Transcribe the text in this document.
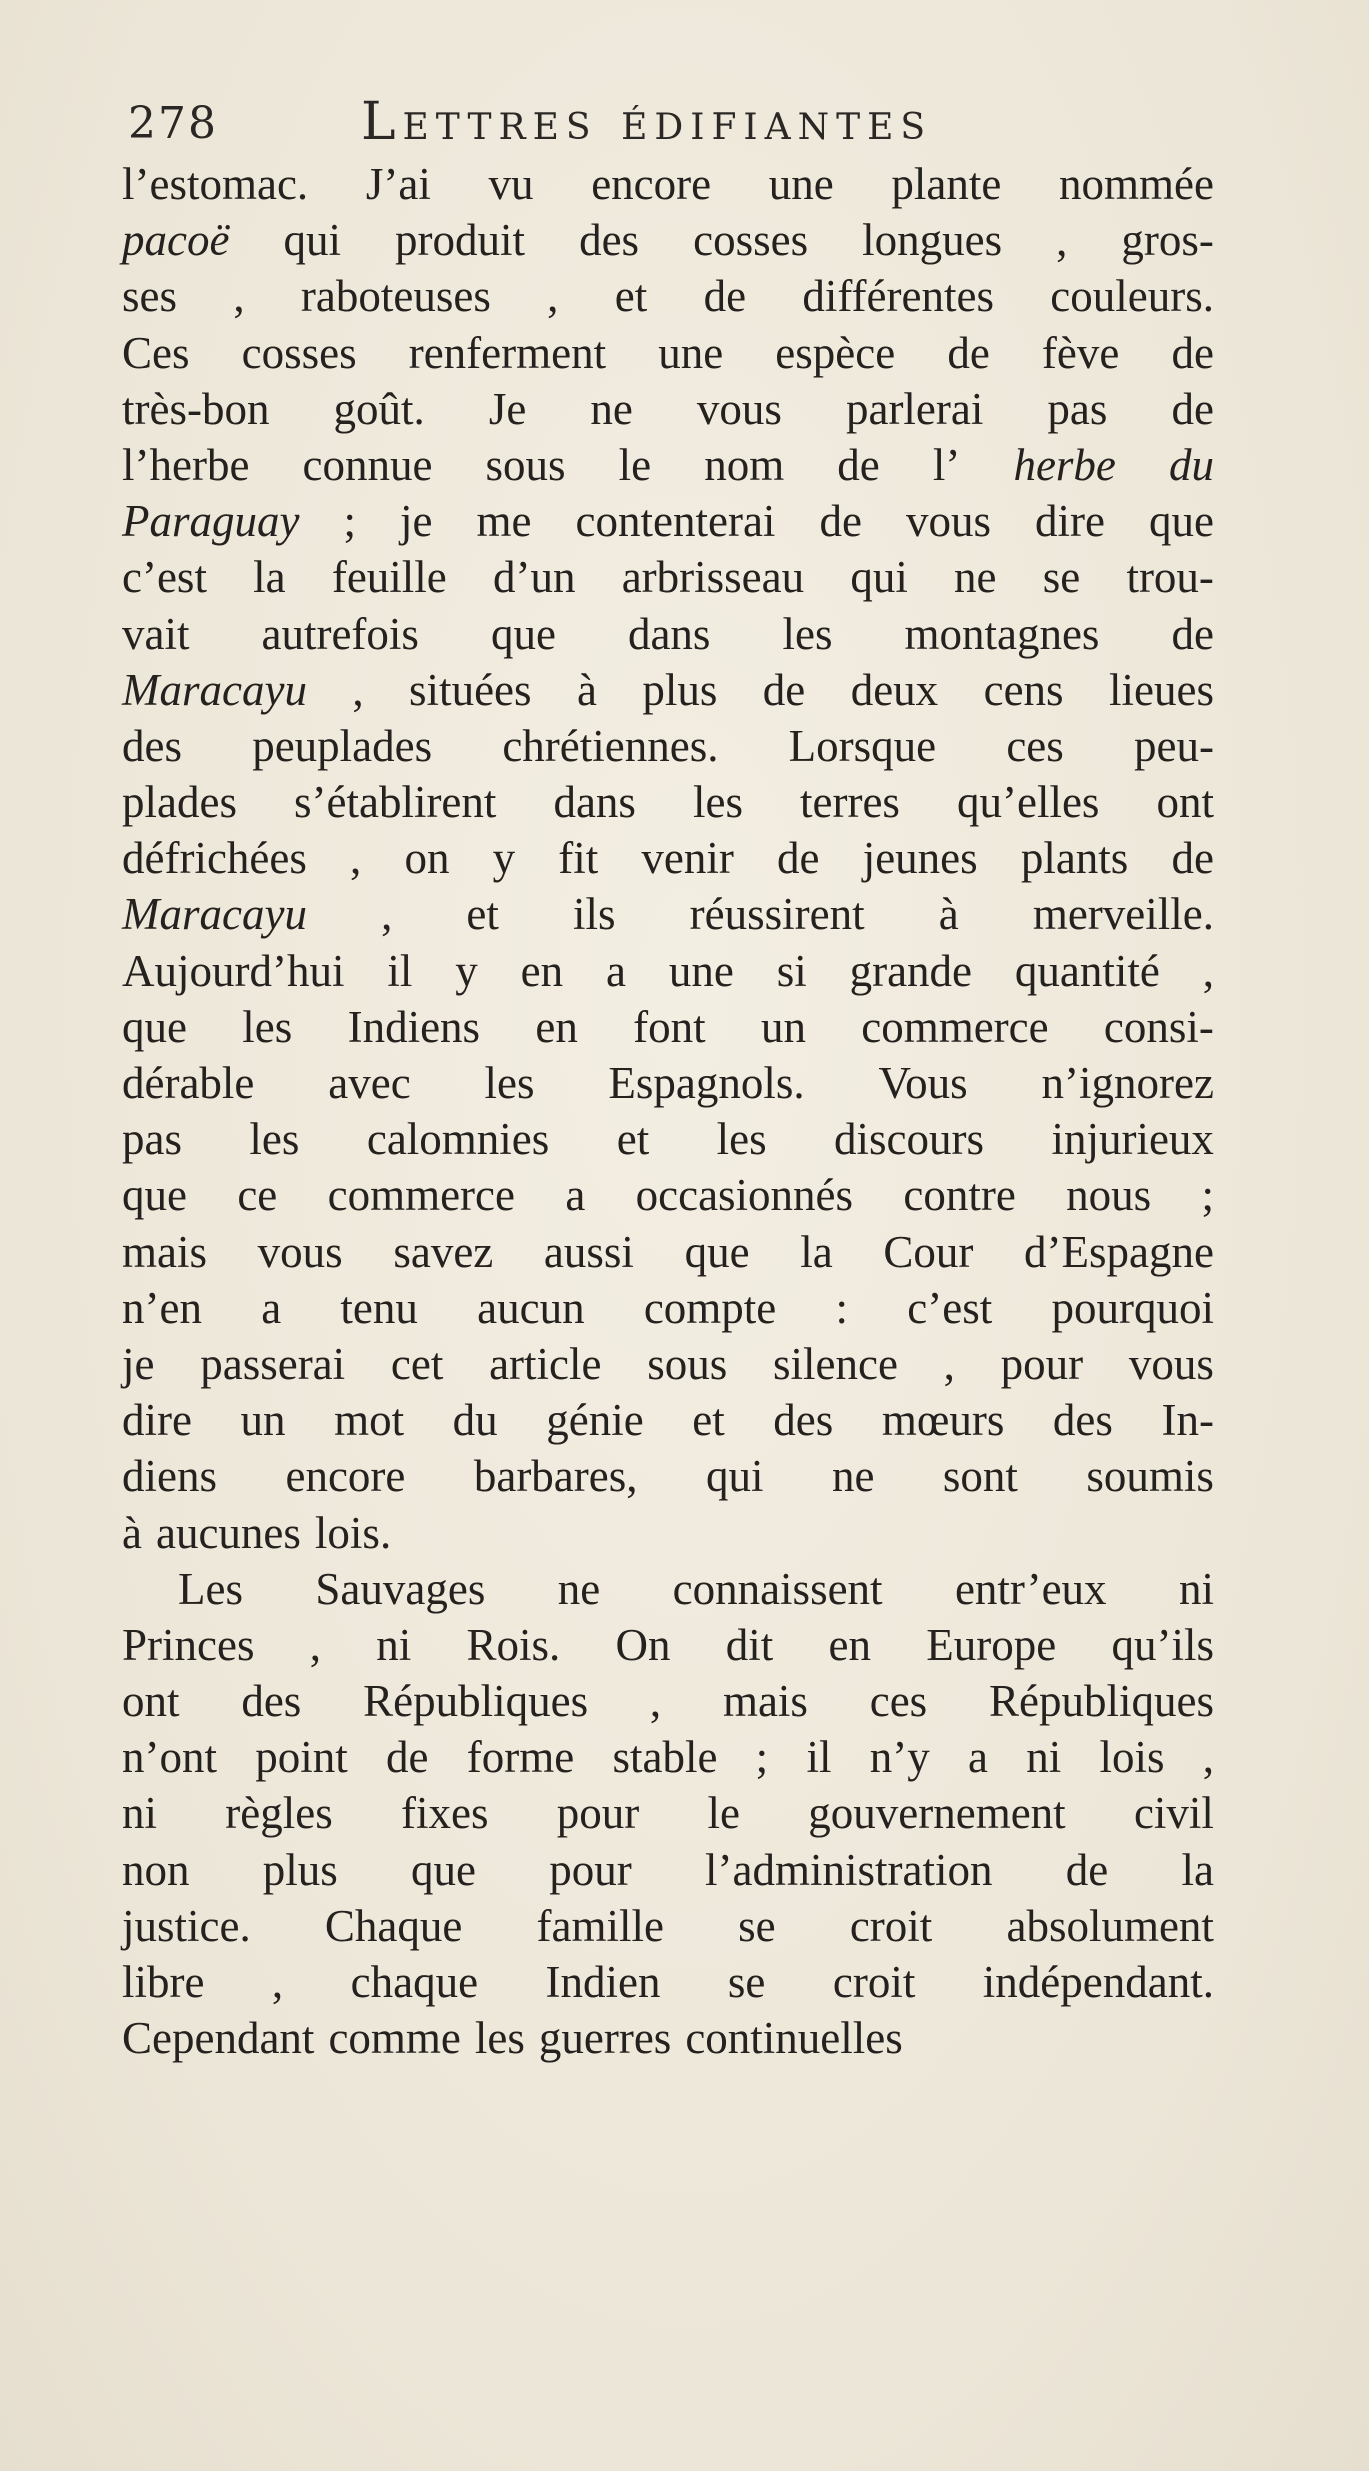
278	Lettres édifiantes
l’estomac. J’ai vu encore une plante nommée
pacoë qui produit des cosses longues , gros-
ses , raboteuses , et de différentes couleurs.
Ces cosses renferment une espèce de fève de
très-bon goût. Je ne vous parlerai pas de
l’herbe connue sous le nom de l’ herbe du
Paraguay ; je me contenterai de vous dire que
c’est la feuille d’un arbrisseau qui ne se trou-
vait autrefois que dans les montagnes de
Maracayu , situées à plus de deux cens lieues
des peuplades chrétiennes. Lorsque ces peu-
plades s’établirent dans les terres qu’elles ont
défrichées , on y fit venir de jeunes plants de
Maracayu , et ils réussirent à merveille.
Aujourd’hui il y en a une si grande quantité ,
que les Indiens en font un commerce consi-
dérable avec les Espagnols. Vous n’ignorez
pas les calomnies et les discours injurieux
que ce commerce a occasionnés contre nous ;
mais vous savez aussi que la Cour d’Espagne
n’en a tenu aucun compte : c’est pourquoi
je passerai cet article sous silence , pour vous
dire un mot du génie et des mœurs des In-
diens encore barbares, qui ne sont soumis
à aucunes lois.
Les Sauvages ne connaissent entr’eux ni
Princes , ni Rois. On dit en Europe qu’ils
ont des Républiques , mais ces Républiques
n’ont point de forme stable ; il n’y a ni lois ,
ni règles fixes pour le gouvernement civil
non plus que pour l’administration de la
justice. Chaque famille se croit absolument
libre , chaque Indien se croit indépendant.
Cependant comme les guerres continuelles
